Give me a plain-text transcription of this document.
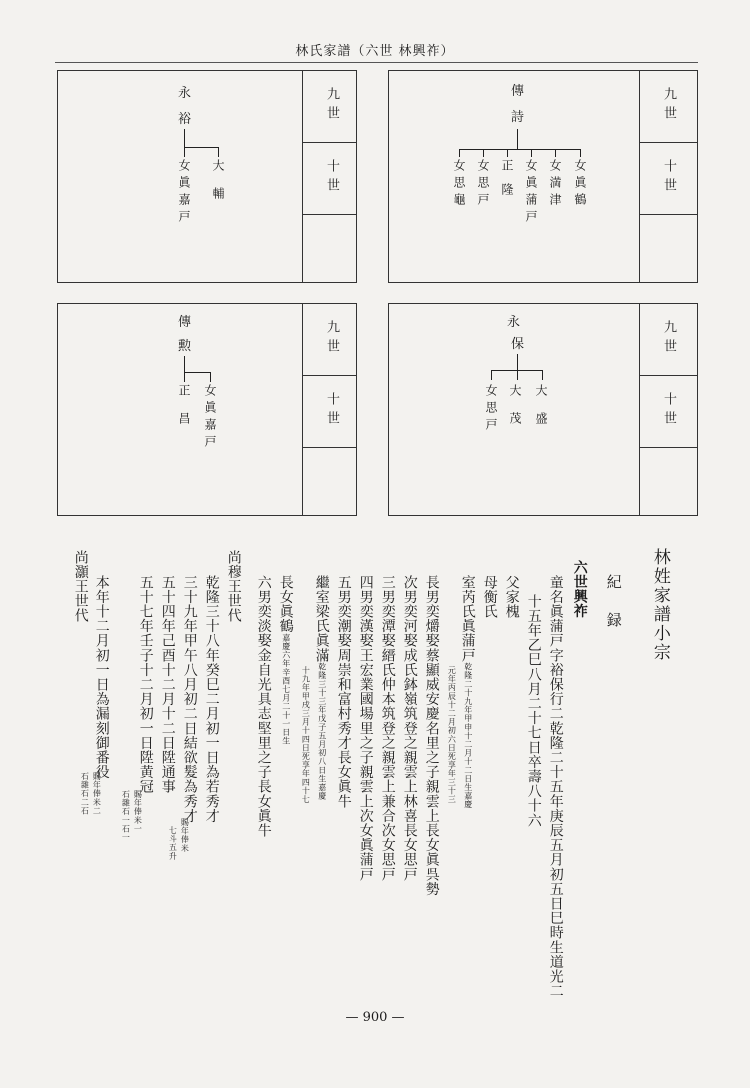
林氏家譜（六世 林興祚）
九世
十世
永
裕
女眞嘉戸 大輔
九世
十世
傳
詩
女眞鶴
女満津
女眞蒲戸
正隆
女思戸
女思龜
九世
十世
傳
勲
女眞嘉戸
正昌
九世
十世
永
保
大盛
大茂
女思戸
林姓家譜小宗
紀　録
六世興祚
童名眞蒲戸字裕保行二乾隆二十五年庚辰五月初五日巳時生道光二
十五年乙巳八月二十七日卒壽八十六
父家槐
母衡氏
室芮氏眞蒲戸乾隆二十九年甲申十二月十二日生嘉慶
元年丙辰十二月初六日死享年三十三
長男奕爝娶蔡顯威安慶名里之子親雲上長女眞呉勢
次男奕河娶成氏鉢嶺筑登之親雲上林喜長女思戸
三男奕潭娶縉氏仲本筑登之親雲上兼合次女思戸
四男奕漢娶王宏業國場里之子親雲上次女眞蒲戸
五男奕潮娶周崇和富村秀才長女眞牛
繼室梁氏眞滿乾隆三十三年戊子五月初八日生嘉慶
十九年甲戌三月十四日死享年四十七
長女眞鶴嘉慶六年辛酉七月二十一日生
六男奕淡娶金自光具志堅里之子長女眞牛
尚穆王世代
乾隆三十八年癸巳二月初一日為若秀才
三十九年甲午八月初二日結欲髮為秀才
賜年俸米
七斗五升
五十四年己酉十二月十二日陞通事
五十七年壬子十二月初一日陞黄冠
賜年俸米一
石雜石一石一
尚灝王世代 本年十二月初一日為漏刻御番役
賜年俸米二
石雜石二石
— 900 —
